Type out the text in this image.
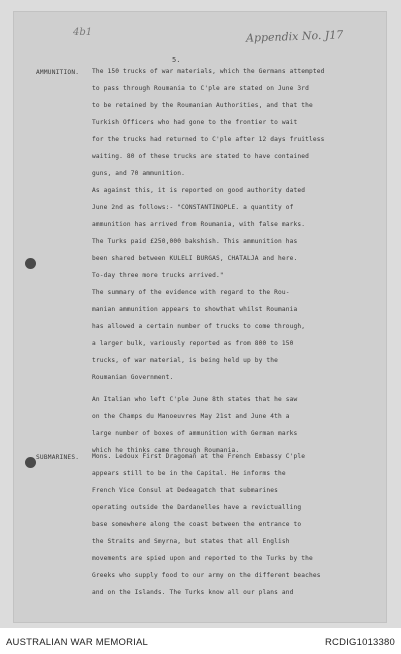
4b1	Appendix No. J17
5.
AMMUNITION. The 150 trucks of war materials, which the Germans attempted
to pass through Roumania to C'ple are stated on June 3rd
to be retained by the Roumanian Authorities, and that the
Turkish Officers who had gone to the frontier to wait
for the trucks had returned to C'ple after 12 days fruitless
waiting. 80 of these trucks are stated to have contained
guns, and 70 ammunition.
As against this, it is reported on good authority dated
June 2nd as follows:- "CONSTANTINOPLE. a quantity of
ammunition has arrived from Roumania, with false marks.
The Turks paid £250,000 bakshish. This ammunition has
been shared between KULELI BURGAS, CHATALJA and here.
To-day three more trucks arrived."
The summary of the evidence with regard to the Rou-
manian ammunition appears to showthat whilst Roumania
has allowed a certain number of trucks to come through,
a larger bulk, variously reported as from 800 to 150
trucks, of war material, is being held up by the
Roumanian Government.
An Italian who left C'ple June 8th states that he saw
on the Champs du Manoeuvres May 21st and June 4th a
large number of boxes of ammunition with German marks
which he thinks came through Roumania.
SUBMARINES. Mons. Ledoux First Dragoman at the French Embassy C'ple
appears still to be in the Capital. He informs the
French Vice Consul at Dedeagatch that submarines
operating outside the Dardanelles have a revictualling
base somewhere along the coast between the entrance to
the Straits and Smyrna, but states that all English
movements are spied upon and reported to the Turks by the
Greeks who supply food to our army on the different beaches
and on the Islands. The Turks know all our plans and
AUSTRALIAN WAR MEMORIAL	RCDIG1013380
